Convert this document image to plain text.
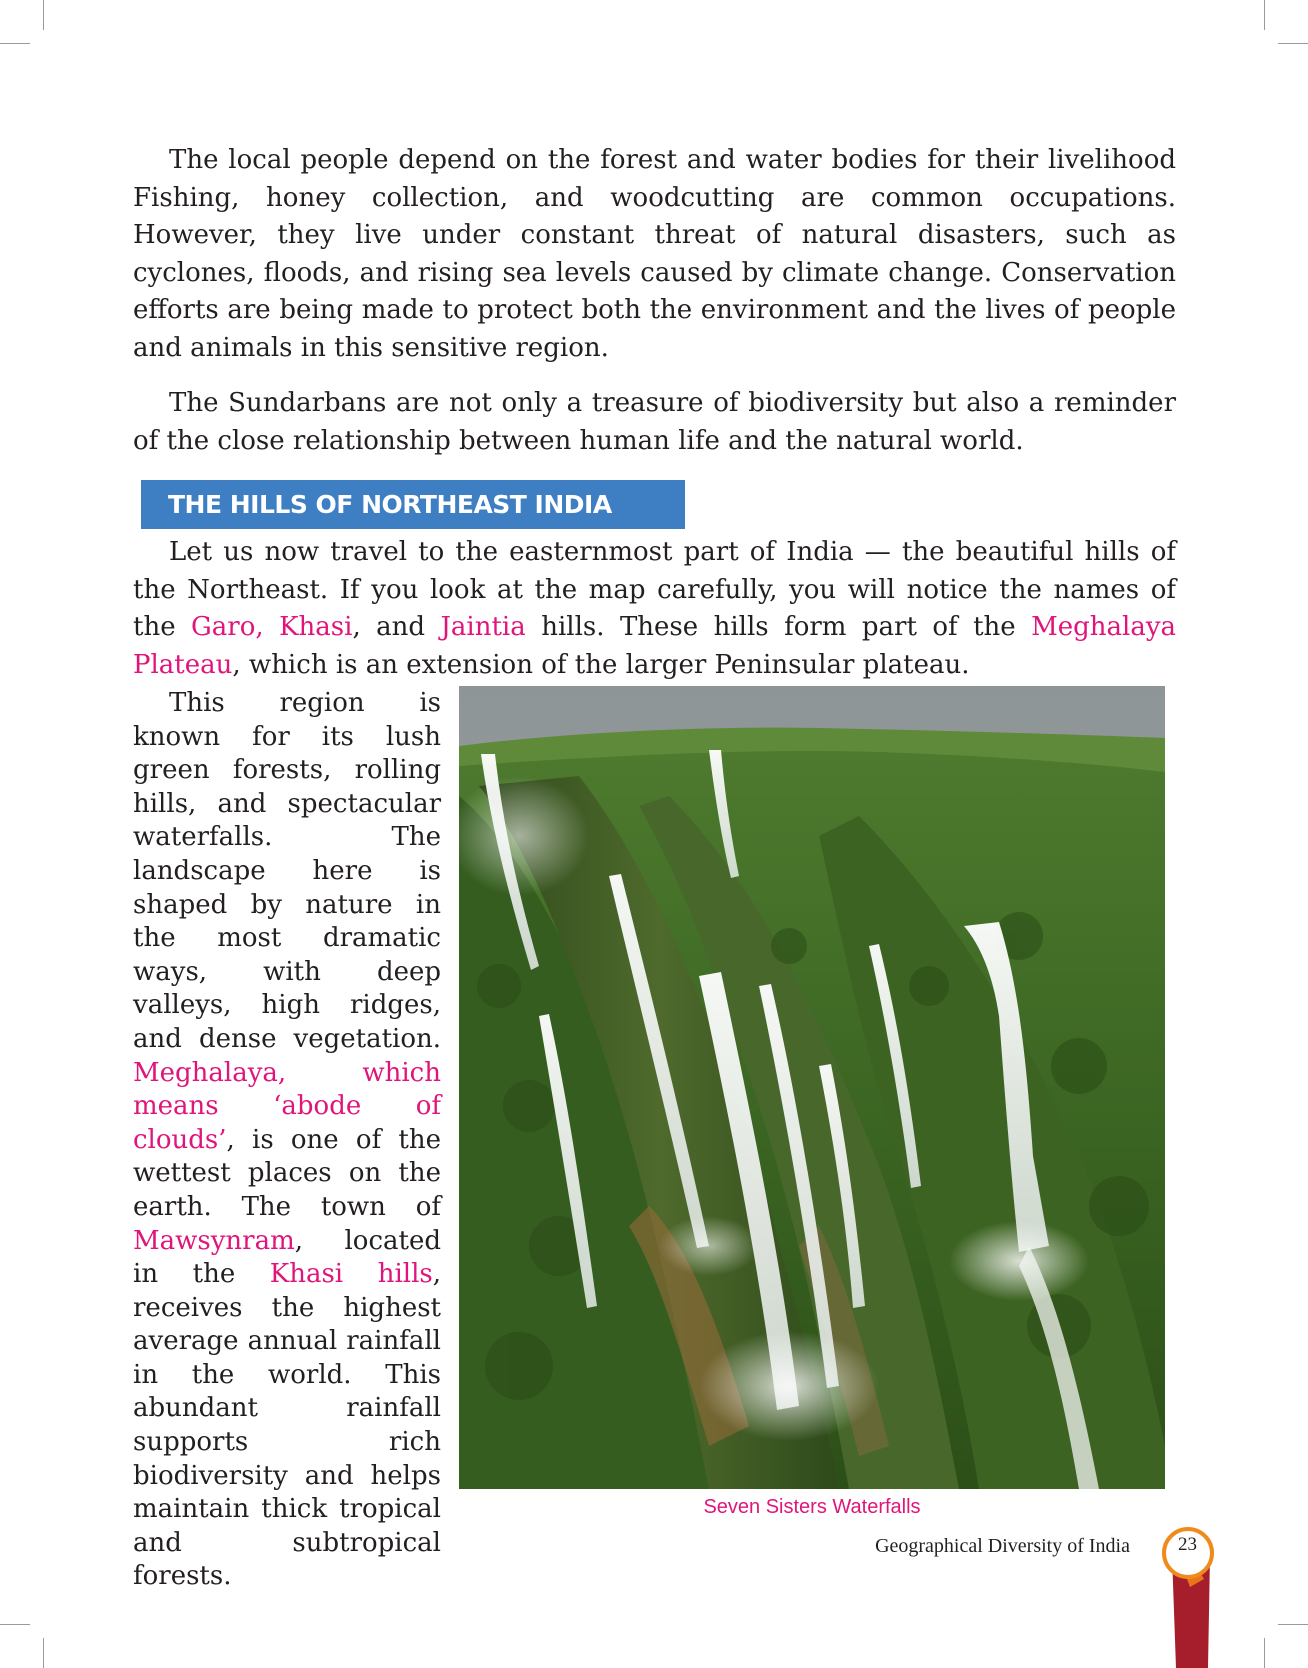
The local people depend on the forest and water bodies for their livelihood Fishing, honey collection, and woodcutting are common occupations. However, they live under constant threat of natural disasters, such as cyclones, floods, and rising sea levels caused by climate change. Conservation efforts are being made to protect both the environment and the lives of people and animals in this sensitive region.

The Sundarbans are not only a treasure of biodiversity but also a reminder of the close relationship between human life and the natural world.

THE HILLS OF NORTHEAST INDIA

Let us now travel to the easternmost part of India — the beautiful hills of the Northeast. If you look at the map carefully, you will notice the names of the Garo, Khasi, and Jaintia hills. These hills form part of the Meghalaya Plateau, which is an extension of the larger Peninsular plateau.

This region is known for its lush green forests, rolling hills, and spectacular waterfalls. The landscape here is shaped by nature in the most dramatic ways, with deep valleys, high ridges, and dense vegetation. Meghalaya, which means ‘abode of clouds’, is one of the wettest places on the earth. The town of Mawsynram, located in the Khasi hills, receives the highest average annual rainfall in the world. This abundant rainfall supports rich biodiversity and helps maintain thick tropical and subtropical forests.

Seven Sisters Waterfalls
Geographical Diversity of India	23
